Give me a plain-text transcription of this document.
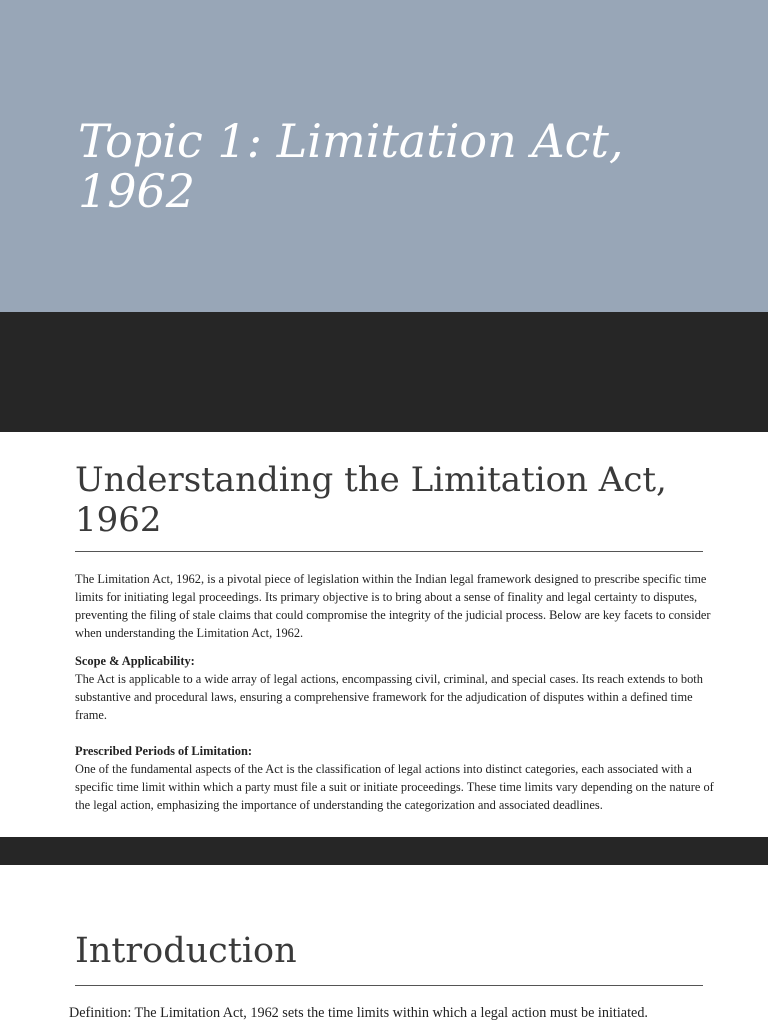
Topic 1: Limitation Act, 1962
Understanding the Limitation Act, 1962

The Limitation Act, 1962, is a pivotal piece of legislation within the Indian legal framework designed to prescribe specific time limits for initiating legal proceedings. Its primary objective is to bring about a sense of finality and legal certainty to disputes, preventing the filing of stale claims that could compromise the integrity of the judicial process. Below are key facets to consider when understanding the Limitation Act, 1962.

Scope & Applicability:

The Act is applicable to a wide array of legal actions, encompassing civil, criminal, and special cases. Its reach extends to both substantive and procedural laws, ensuring a comprehensive framework for the adjudication of disputes within a defined time frame.

Prescribed Periods of Limitation:

One of the fundamental aspects of the Act is the classification of legal actions into distinct categories, each associated with a specific time limit within which a party must file a suit or initiate proceedings. These time limits vary depending on the nature of the legal action, emphasizing the importance of understanding the categorization and associated deadlines.

Introduction

Definition: The Limitation Act, 1962 sets the time limits within which a legal action must be initiated.
